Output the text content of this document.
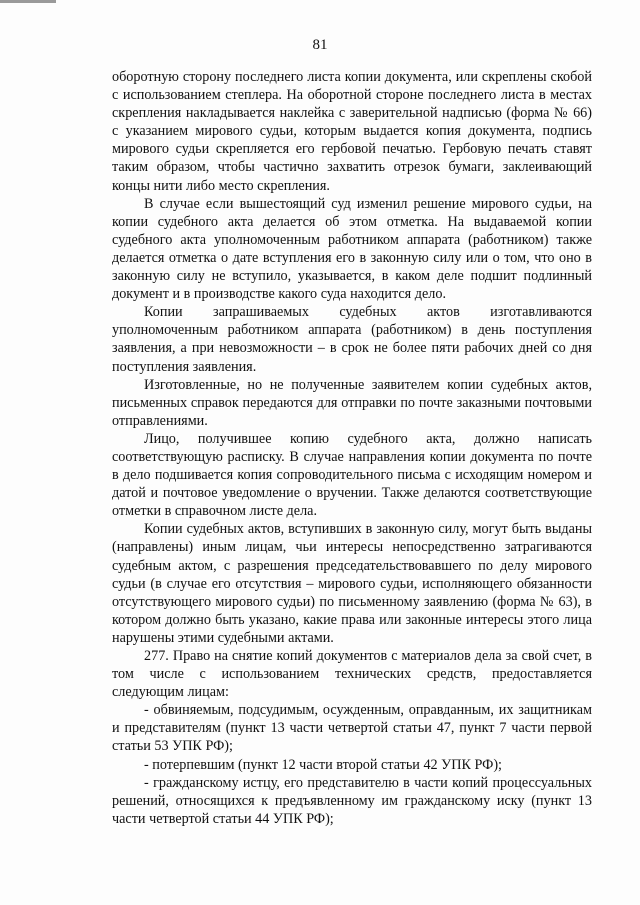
81

оборотную сторону последнего листа копии документа, или скреплены скобой с использованием степлера. На оборотной стороне последнего листа в местах скрепления накладывается наклейка с заверительной надписью (форма № 66) с указанием мирового судьи, которым выдается копия документа, подпись мирового судьи скрепляется его гербовой печатью. Гербовую печать ставят таким образом, чтобы частично захватить отрезок бумаги, заклеивающий концы нити либо место скрепления.

В случае если вышестоящий суд изменил решение мирового судьи, на копии судебного акта делается об этом отметка. На выдаваемой копии судебного акта уполномоченным работником аппарата (работником) также делается отметка о дате вступления его в законную силу или о том, что оно в законную силу не вступило, указывается, в каком деле подшит подлинный документ и в производстве какого суда находится дело.

Копии запрашиваемых судебных актов изготавливаются уполномоченным работником аппарата (работником) в день поступления заявления, а при невозможности – в срок не более пяти рабочих дней со дня поступления заявления.

Изготовленные, но не полученные заявителем копии судебных актов, письменных справок передаются для отправки по почте заказными почтовыми отправлениями.

Лицо, получившее копию судебного акта, должно написать соответствующую расписку. В случае направления копии документа по почте в дело подшивается копия сопроводительного письма с исходящим номером и датой и почтовое уведомление о вручении. Также делаются соответствующие отметки в справочном листе дела.

Копии судебных актов, вступивших в законную силу, могут быть выданы (направлены) иным лицам, чьи интересы непосредственно затрагиваются судебным актом, с разрешения председательствовавшего по делу мирового судьи (в случае его отсутствия – мирового судьи, исполняющего обязанности отсутствующего мирового судьи) по письменному заявлению (форма № 63), в котором должно быть указано, какие права или законные интересы этого лица нарушены этими судебными актами.

277. Право на снятие копий документов с материалов дела за свой счет, в том числе с использованием технических средств, предоставляется следующим лицам:

- обвиняемым, подсудимым, осужденным, оправданным, их защитникам и представителям (пункт 13 части четвертой статьи 47, пункт 7 части первой статьи 53 УПК РФ);

- потерпевшим (пункт 12 части второй статьи 42 УПК РФ);

- гражданскому истцу, его представителю в части копий процессуальных решений, относящихся к предъявленному им гражданскому иску (пункт 13 части четвертой статьи 44 УПК РФ);
